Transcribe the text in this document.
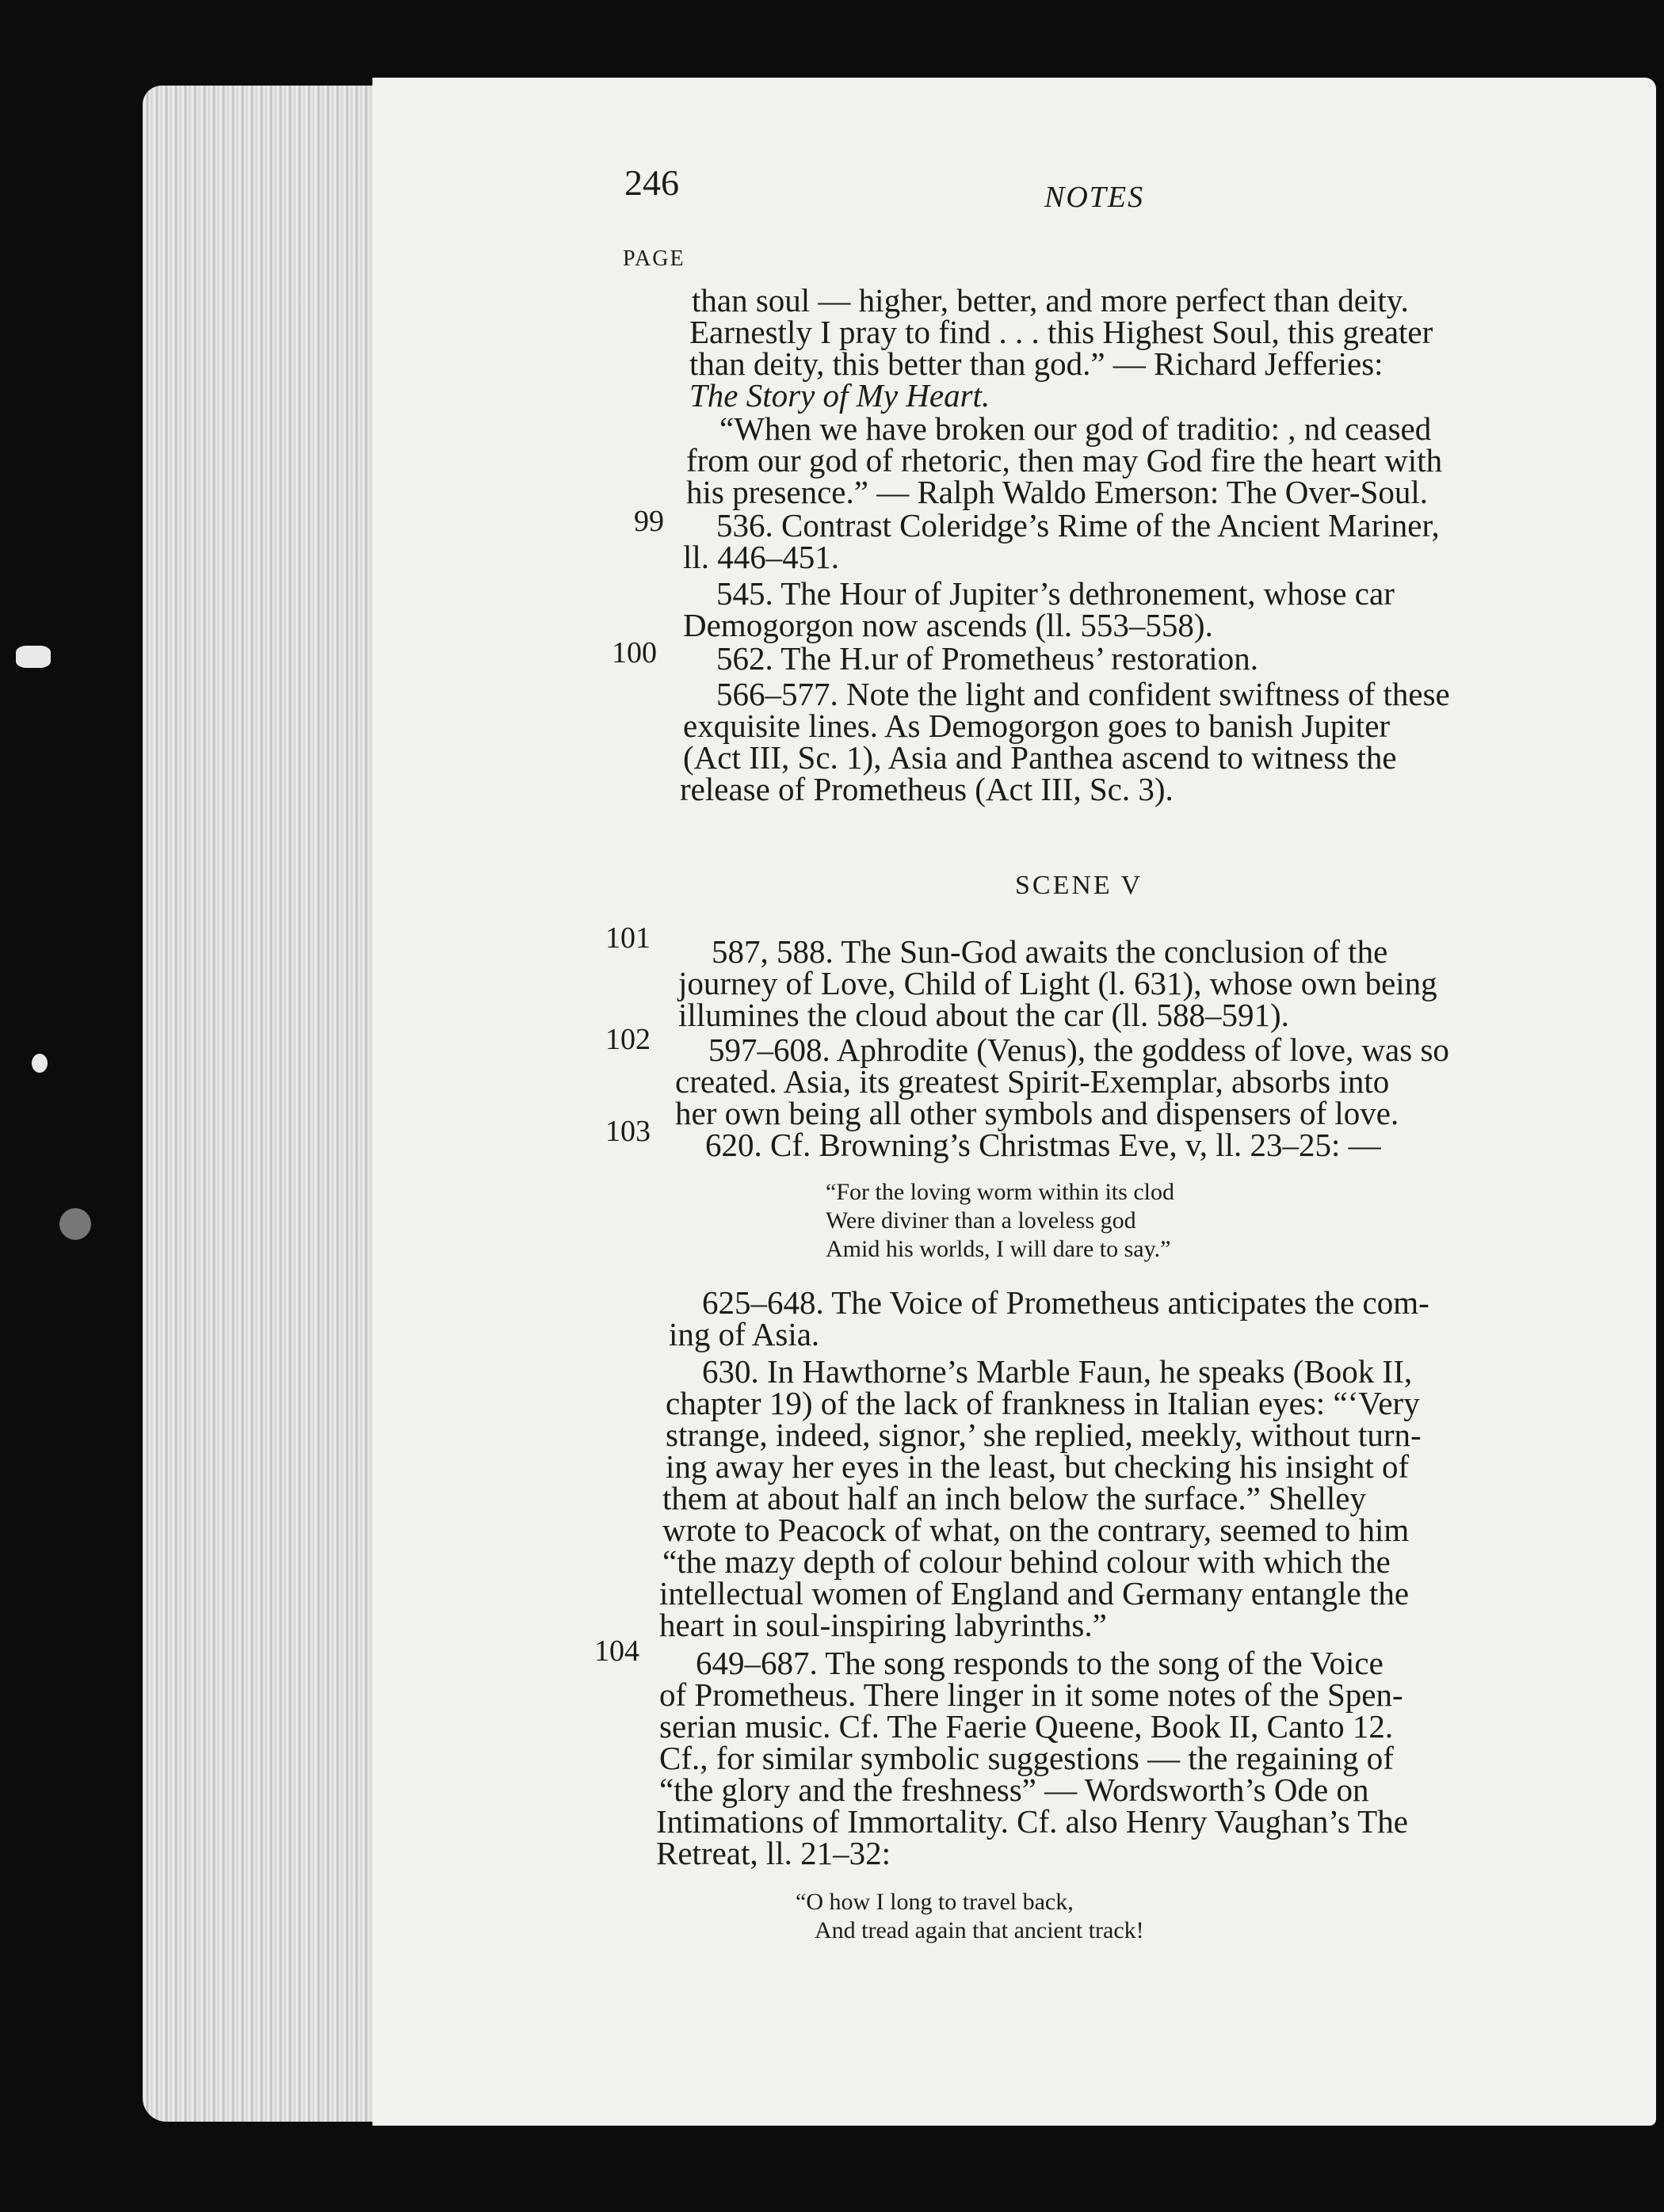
246	NOTES
PAGE
than soul — higher, better, and more perfect than deity.
Earnestly I pray to find . . . this Highest Soul, this greater
than deity, this better than god.” — Richard Jefferies:
The Story of My Heart.
“When we have broken our god of traditio: , nd ceased
from our god of rhetoric, then may God fire the heart with
his presence.” — Ralph Waldo Emerson: The Over-Soul.
99 536. Contrast Coleridge’s Rime of the Ancient Mariner,
ll. 446–451.
545. The Hour of Jupiter’s dethronement, whose car
Demogorgon now ascends (ll. 553–558).
100 562. The H.ur of Prometheus’ restoration.
566–577. Note the light and confident swiftness of these
exquisite lines. As Demogorgon goes to banish Jupiter
(Act III, Sc. 1), Asia and Panthea ascend to witness the
release of Prometheus (Act III, Sc. 3).
SCENE V
101 587, 588. The Sun-God awaits the conclusion of the
journey of Love, Child of Light (l. 631), whose own being
illumines the cloud about the car (ll. 588–591).
102 597–608. Aphrodite (Venus), the goddess of love, was so
created. Asia, its greatest Spirit-Exemplar, absorbs into
her own being all other symbols and dispensers of love.
103 620. Cf. Browning’s Christmas Eve, v, ll. 23–25: —
“For the loving worm within its clod
Were diviner than a loveless god
Amid his worlds, I will dare to say.”
625–648. The Voice of Prometheus anticipates the com-
ing of Asia.
630. In Hawthorne’s Marble Faun, he speaks (Book II,
chapter 19) of the lack of frankness in Italian eyes: “‘Very
strange, indeed, signor,’ she replied, meekly, without turn-
ing away her eyes in the least, but checking his insight of
them at about half an inch below the surface.” Shelley
wrote to Peacock of what, on the contrary, seemed to him
“the mazy depth of colour behind colour with which the
intellectual women of England and Germany entangle the
heart in soul-inspiring labyrinths.”
104 649–687. The song responds to the song of the Voice
of Prometheus. There linger in it some notes of the Spen-
serian music. Cf. The Faerie Queene, Book II, Canto 12.
Cf., for similar symbolic suggestions — the regaining of
“the glory and the freshness” — Wordsworth’s Ode on
Intimations of Immortality. Cf. also Henry Vaughan’s The
Retreat, ll. 21–32:
“O how I long to travel back,
And tread again that ancient track!
